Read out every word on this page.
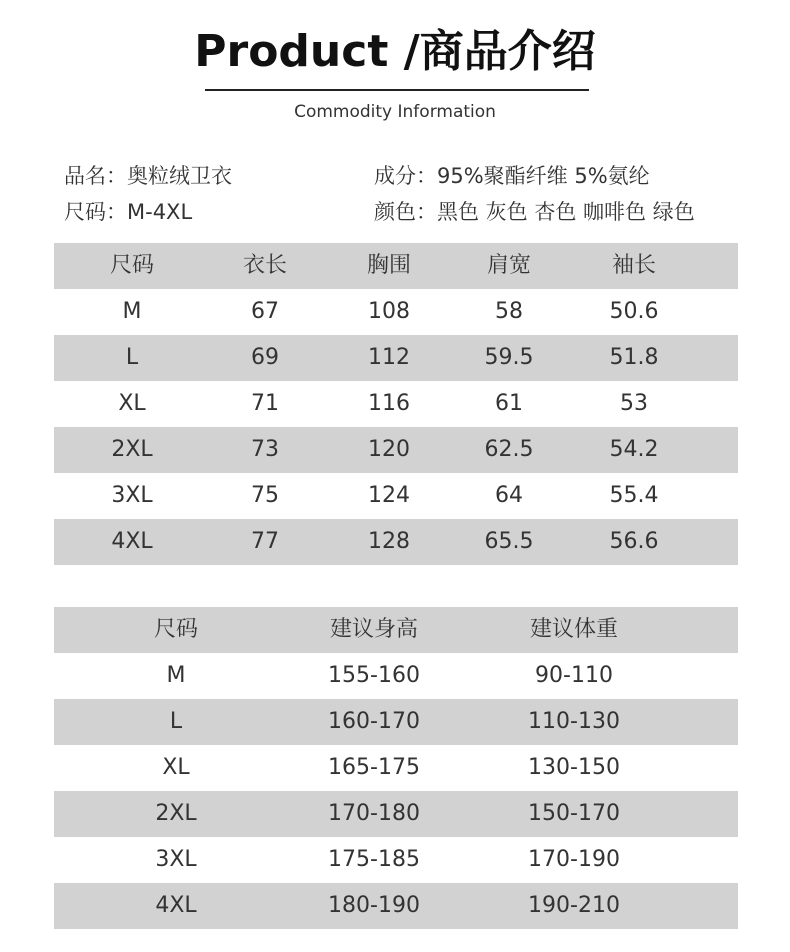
Product /商品介绍
Commodity Information
品名：奥粒绒卫衣
尺码：M-4XL
成分：95%聚酯纤维 5%氨纶
颜色：黑色 灰色 杏色 咖啡色 绿色
尺码	衣长	胸围	肩宽	袖长
M	67	108	58	50.6
L	69	112	59.5	51.8
XL	71	116	61	53
2XL	73	120	62.5	54.2
3XL	75	124	64	55.4
4XL	77	128	65.5	56.6
尺码	建议身高	建议体重
M	155-160	90-110
L	160-170	110-130
XL	165-175	130-150
2XL	170-180	150-170
3XL	175-185	170-190
4XL	180-190	190-210
